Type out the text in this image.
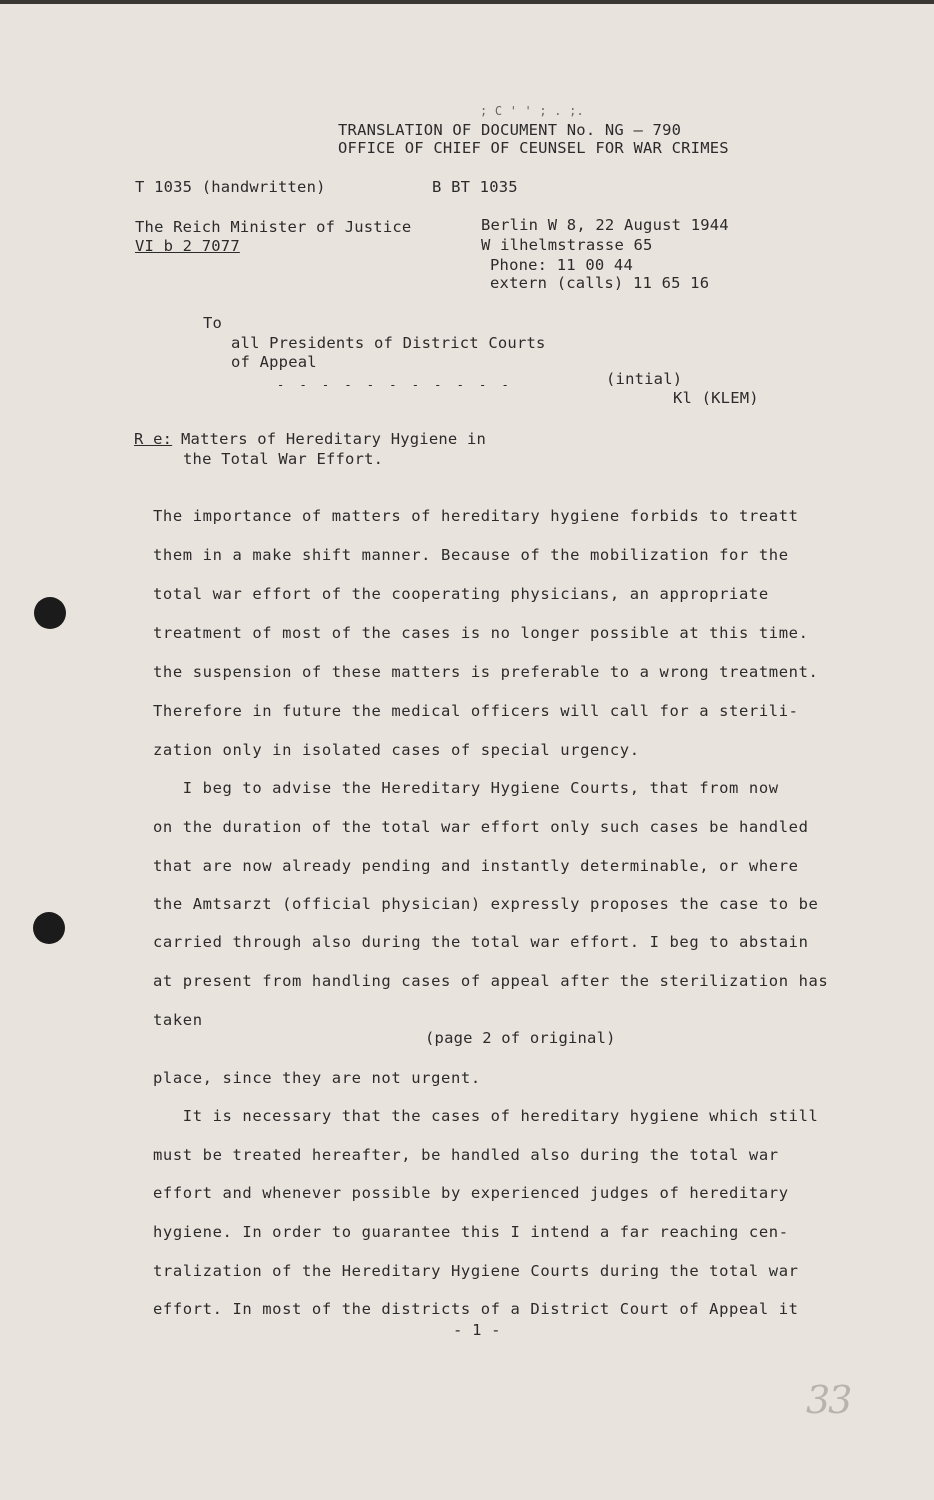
; C ' ' ; . ;.
TRANSLATION OF DOCUMENT No. NG – 790
OFFICE OF CHIEF OF CEUNSEL FOR WAR CRIMES
T 1035 (handwritten)	B BT 1035
The Reich Minister of Justice
VI b 2 7077
Berlin W 8, 22 August 1944
W ilhelmstrasse 65
Phone: 11 00 44
extern (calls) 11 65 16
To
all Presidents of District Courts
of Appeal
- - - - - - - - - - -	(intial)
Kl (KLEM)
R e: Matters of Hereditary Hygiene in
the Total War Effort.
The importance of matters of hereditary hygiene forbids to treatt
them in a make shift manner. Because of the mobilization for the
total war effort of the cooperating physicians, an appropriate
treatment of most of the cases is no longer possible at this time.
the suspension of these matters is preferable to a wrong treatment.
Therefore in future the medical officers will call for a sterili-
zation only in isolated cases of special urgency.
I beg to advise the Hereditary Hygiene Courts, that from now
on the duration of the total war effort only such cases be handled
that are now already pending and instantly determinable, or where
the Amtsarzt (official physician) expressly proposes the case to be
carried through also during the total war effort. I beg to abstain
at present from handling cases of appeal after the sterilization has
taken
(page 2 of original)
place, since they are not urgent.
It is necessary that the cases of hereditary hygiene which still
must be treated hereafter, be handled also during the total war
effort and whenever possible by experienced judges of hereditary
hygiene. In order to guarantee this I intend a far reaching cen-
tralization of the Hereditary Hygiene Courts during the total war
effort. In most of the districts of a District Court of Appeal it
- 1 -
33
